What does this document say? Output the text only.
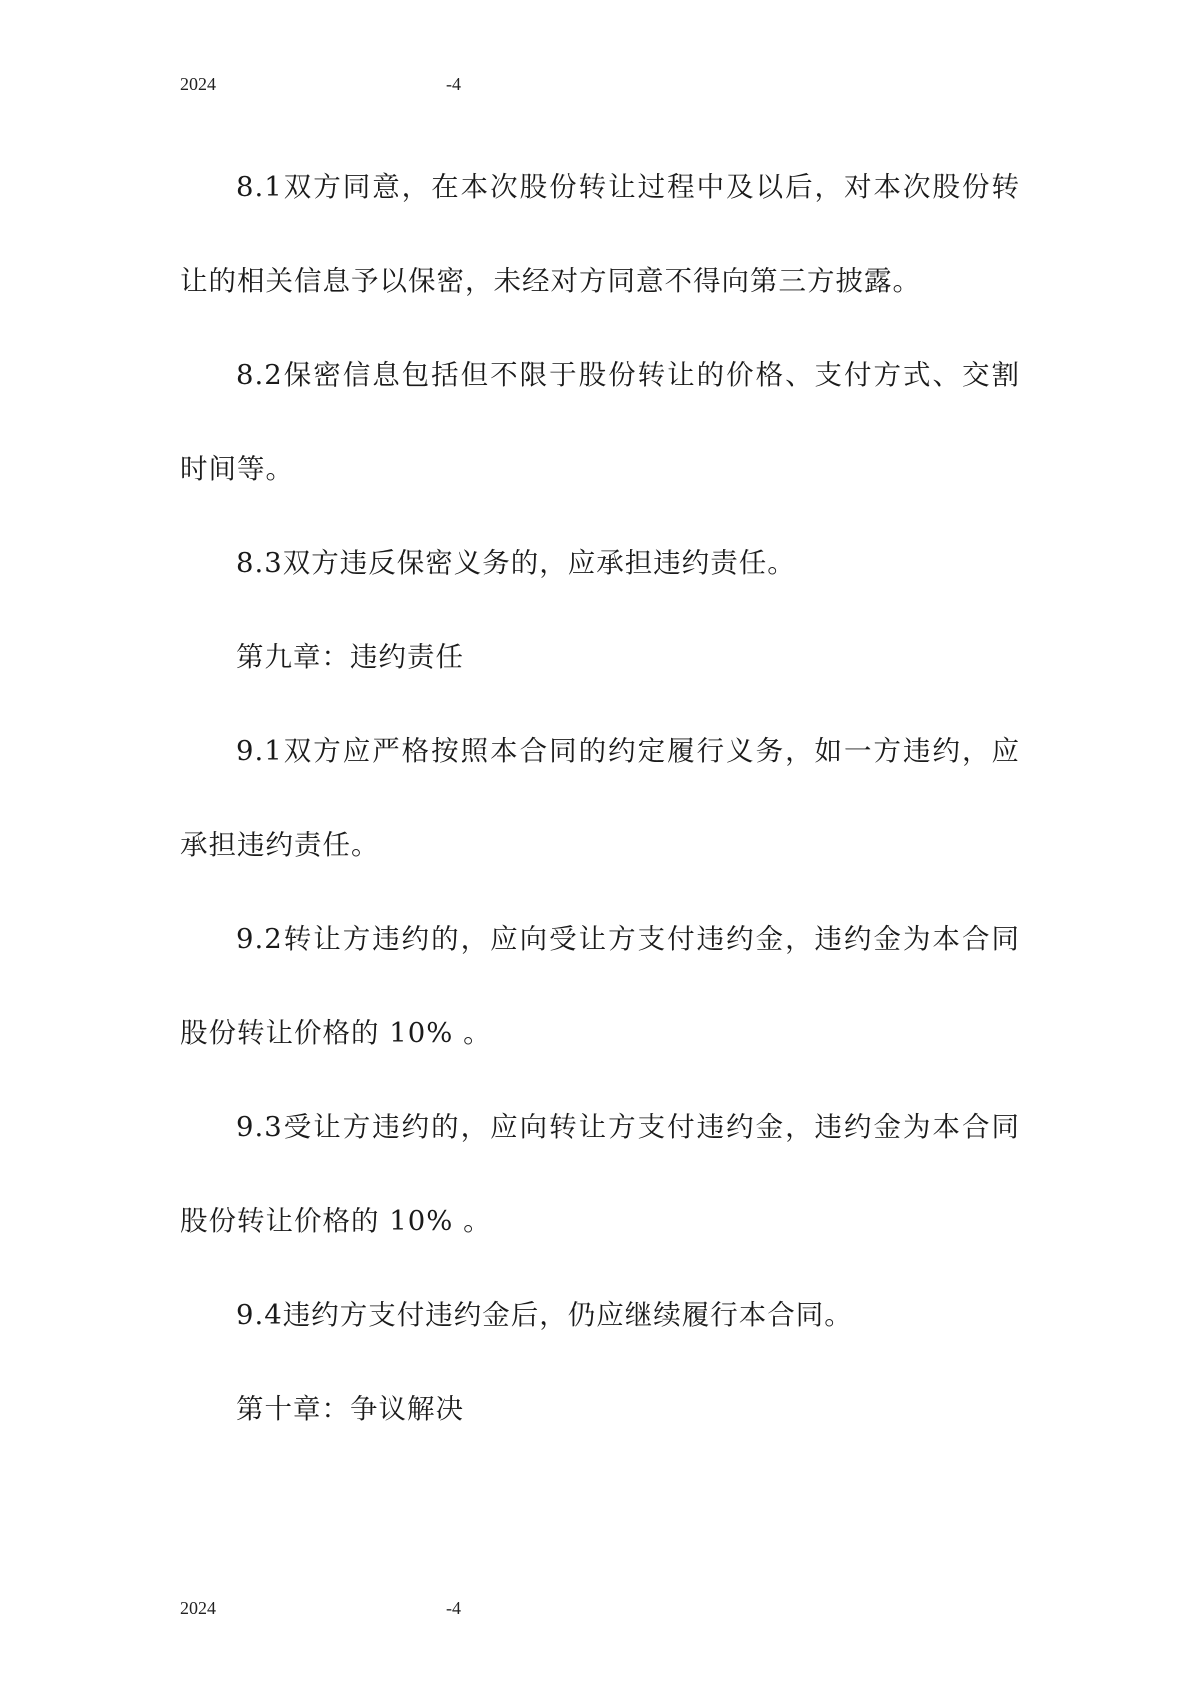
2024	-4

8.1双方同意，在本次股份转让过程中及以后，对本次股份转让的相关信息予以保密，未经对方同意不得向第三方披露。

8.2保密信息包括但不限于股份转让的价格、支付方式、交割时间等。

8.3双方违反保密义务的，应承担违约责任。

第九章：违约责任

9.1双方应严格按照本合同的约定履行义务，如一方违约，应承担违约责任。

9.2转让方违约的，应向受让方支付违约金，违约金为本合同股份转让价格的 10% 。

9.3受让方违约的，应向转让方支付违约金，违约金为本合同股份转让价格的 10% 。

9.4违约方支付违约金后，仍应继续履行本合同。

第十章：争议解决

2024	-4
